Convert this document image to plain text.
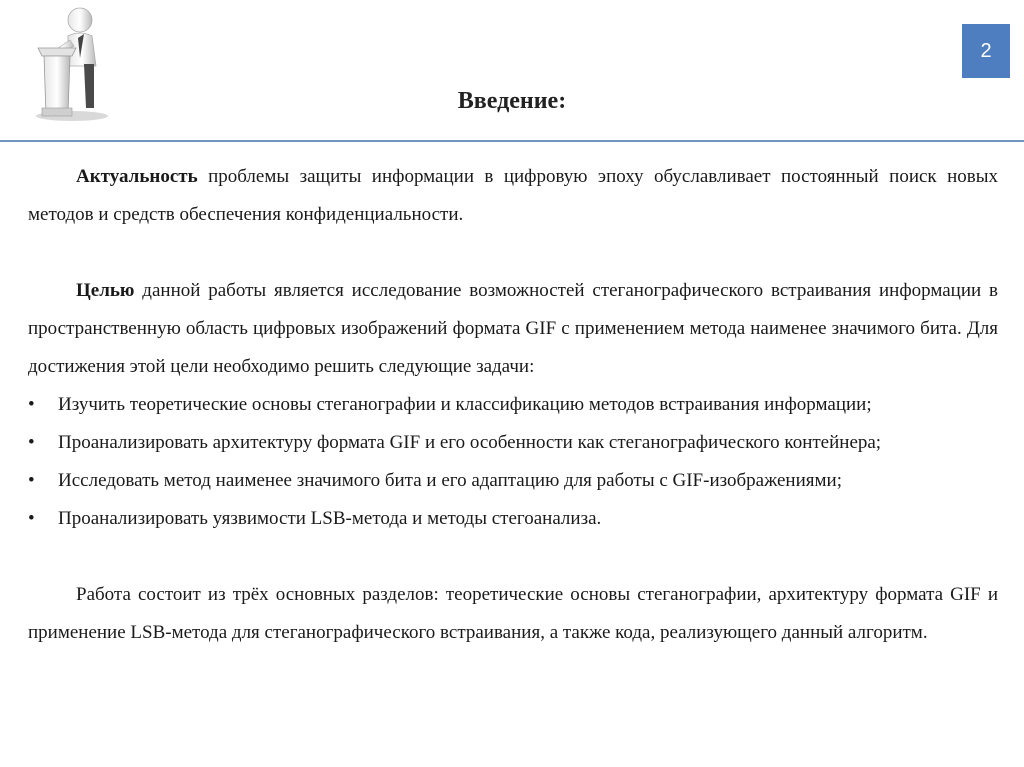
2
Введение:

Актуальность проблемы защиты информации в цифровую эпоху обуславливает постоянный поиск новых методов и средств обеспечения конфиденциальности.

Целью данной работы является исследование возможностей стеганографического встраивания информации в пространственную область цифровых изображений формата GIF с применением метода наименее значимого бита. Для достижения этой цели необходимо решить следующие задачи:

• Изучить теоретические основы стеганографии и классификацию методов встраивания информации;
• Проанализировать архитектуру формата GIF и его особенности как стеганографического контейнера;
• Исследовать метод наименее значимого бита и его адаптацию для работы с GIF-изображениями;
• Проанализировать уязвимости LSB-метода и методы стегоанализа.

Работа состоит из трёх основных разделов: теоретические основы стеганографии, архитектуру формата GIF и применение LSB-метода для стеганографического встраивания, а также кода, реализующего данный алгоритм.
